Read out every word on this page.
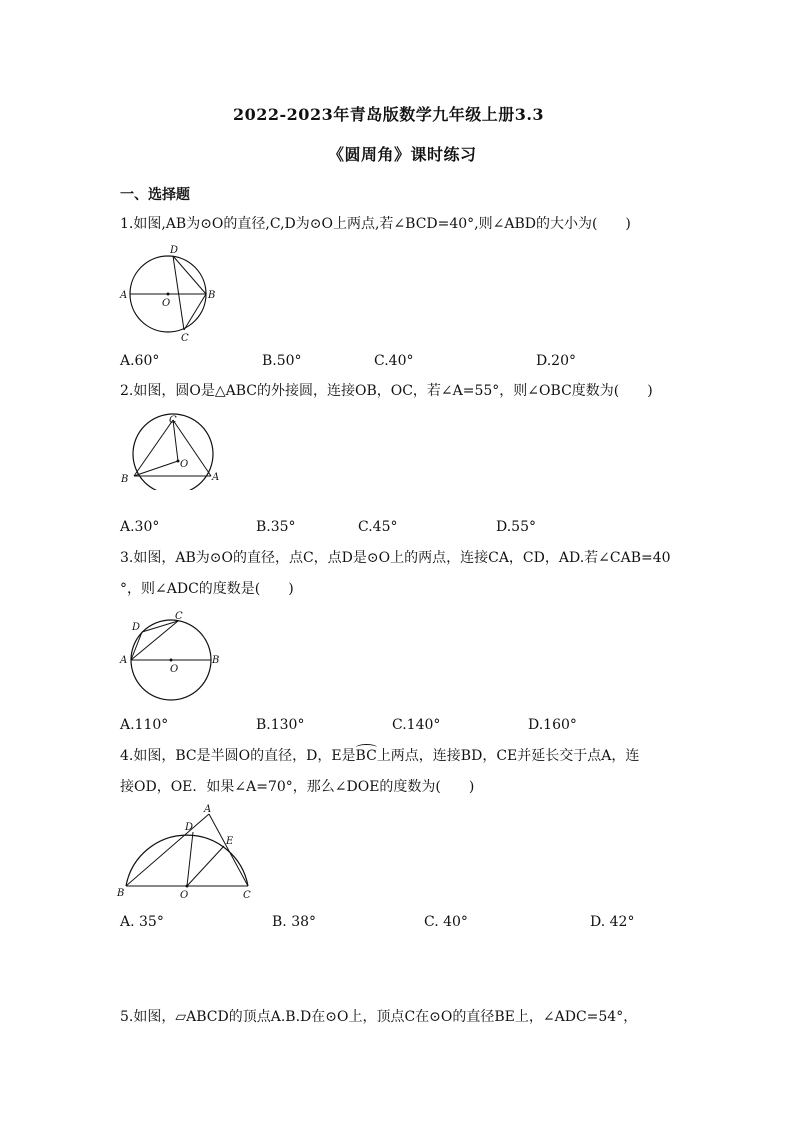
2022-2023年青岛版数学九年级上册3.3
《圆周角》课时练习
一、选择题
1.如图,AB为⊙O的直径,C,D为⊙O上两点,若∠BCD=40°,则∠ABD的大小为(　　)
A	B
D
C
O
A.60°	B.50°	C.40°	D.20°
2.如图，圆O是△ABC的外接圆，连接OB，OC，若∠A=55°，则∠OBC度数为(　　)
C
B	A
O
A.30°	B.35°	C.45°	D.55°
3.如图，AB为⊙O的直径，点C，点D是⊙O上的两点，连接CA，CD，AD.若∠CAB=40
°，则∠ADC的度数是(　　)
A	B
C
D
O
A.110°	B.130°	C.140°	D.160°
4.如图，BC是半圆O的直径，D，E是BC上两点，连接BD，CE并延长交于点A，连
接OD，OE．如果∠A=70°，那么∠DOE的度数为(　　)
A
D
E
B	O	C
A. 35°	B. 38°	C. 40°	D. 42°
5.如图，▱ABCD的顶点A.B.D在⊙O上，顶点C在⊙O的直径BE上，∠ADC=54°，
